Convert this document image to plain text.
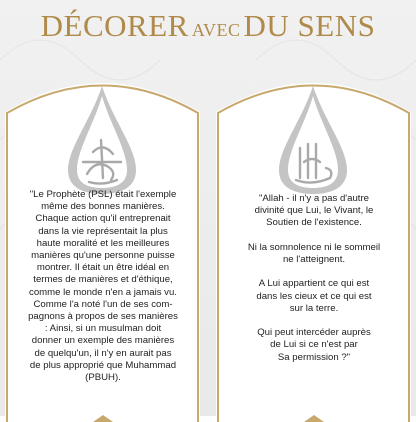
DÉCORER AVECDU SENS
"Le Prophète (PSL) était l'exemple
même des bonnes manières.
Chaque action qu'il entreprenait
dans la vie représentait la plus
haute moralité et les meilleures
manières qu'une personne puisse
montrer. Il était un être idéal en
termes de manières et d'éthique,
comme le monde n'en a jamais vu.
Comme l'a noté l'un de ses com-
pagnons à propos de ses manières
: Ainsi, si un musulman doit
donner un exemple des manières
de quelqu'un, il n'y en aurait pas
de plus approprié que Muhammad
(PBUH).
"Allah - il n'y a pas d'autre
divinité que Lui, le Vivant, le
Soutien de l'existence.

Ni la somnolence ni le sommeil
ne l'atteignent.

A Lui appartient ce qui est
dans les cieux et ce qui est
sur la terre.

Qui peut intercéder auprès
de Lui si ce n'est par
Sa permission ?"
